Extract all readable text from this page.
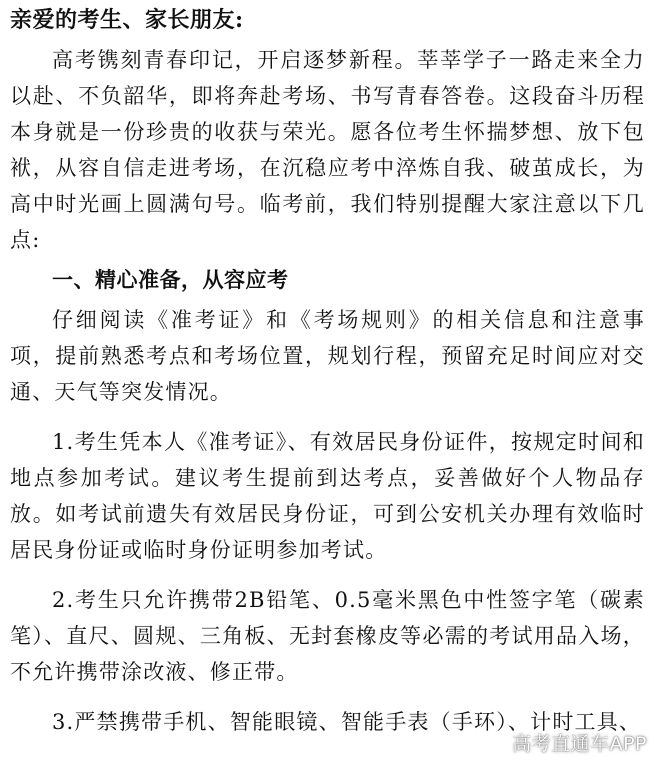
亲爱的考生、家长朋友:

高考镌刻青春印记，开启逐梦新程。莘莘学子一路走来全力以赴、不负韶华，即将奔赴考场、书写青春答卷。这段奋斗历程本身就是一份珍贵的收获与荣光。愿各位考生怀揣梦想、放下包袱，从容自信走进考场，在沉稳应考中淬炼自我、破茧成长，为高中时光画上圆满句号。临考前，我们特别提醒大家注意以下几点:

一、精心准备，从容应考

仔细阅读《准考证》和《考场规则》的相关信息和注意事项，提前熟悉考点和考场位置，规划行程，预留充足时间应对交通、天气等突发情况。

1.考生凭本人《准考证》、有效居民身份证件，按规定时间和地点参加考试。建议考生提前到达考点，妥善做好个人物品存放。如考试前遗失有效居民身份证，可到公安机关办理有效临时居民身份证或临时身份证明参加考试。

2.考生只允许携带2B铅笔、0.5毫米黑色中性签字笔（碳素笔）、直尺、圆规、三角板、无封套橡皮等必需的考试用品入场，不允许携带涂改液、修正带。

3.严禁携带手机、智能眼镜、智能手表（手环）、计时工具、

高考直通车APP
